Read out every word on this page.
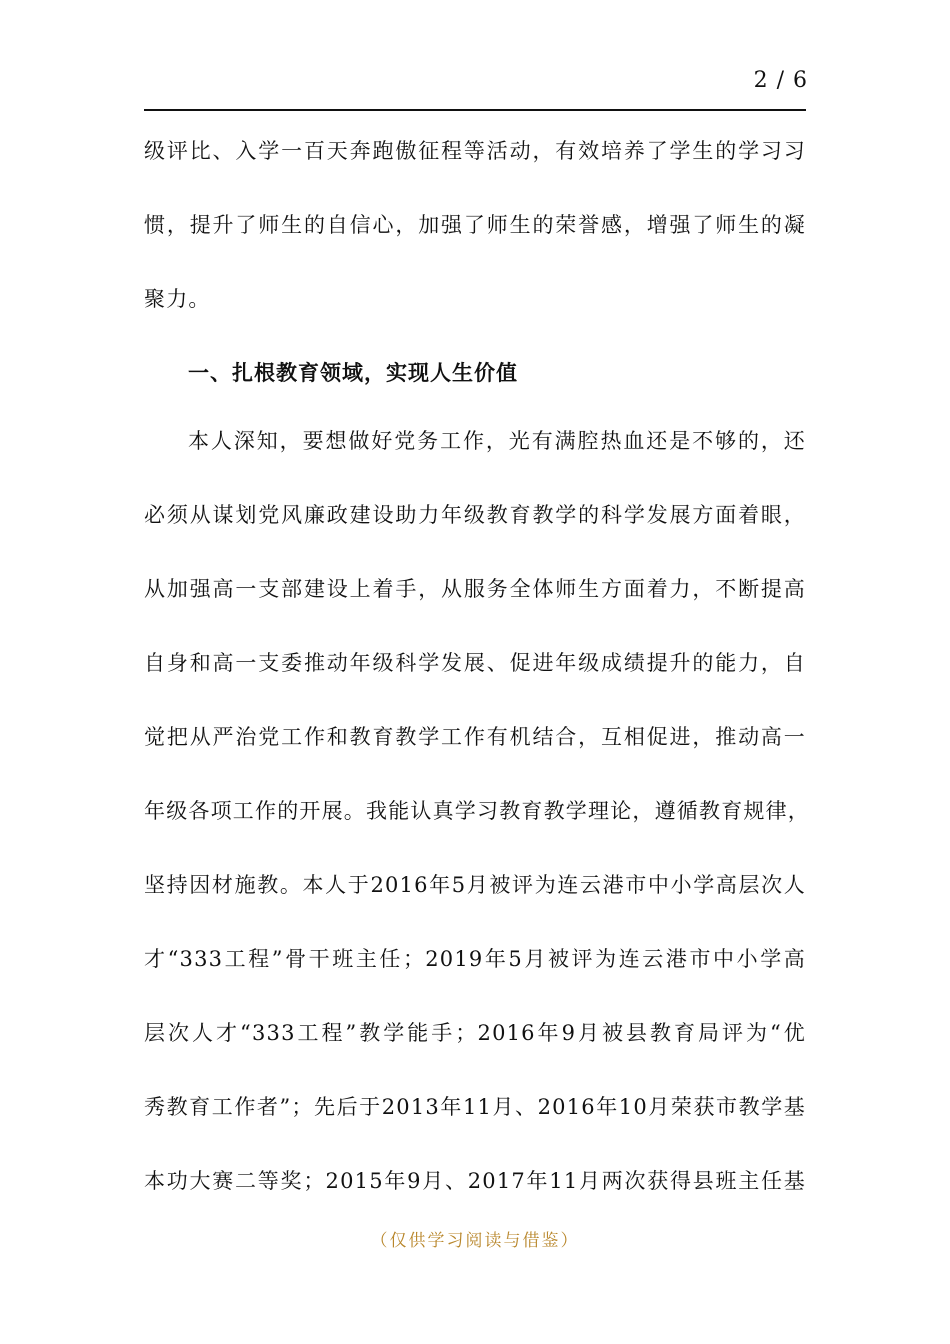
2 / 6
级评比、入学一百天奔跑傲征程等活动，有效培养了学生的学习习
惯，提升了师生的自信心，加强了师生的荣誉感，增强了师生的凝
聚力。
一、扎根教育领域，实现人生价值
本人深知，要想做好党务工作，光有满腔热血还是不够的，还
必须从谋划党风廉政建设助力年级教育教学的科学发展方面着眼，
从加强高一支部建设上着手，从服务全体师生方面着力，不断提高
自身和高一支委推动年级科学发展、促进年级成绩提升的能力，自
觉把从严治党工作和教育教学工作有机结合，互相促进，推动高一
年级各项工作的开展。我能认真学习教育教学理论，遵循教育规律，
坚持因材施教。本人于2016年5月被评为连云港市中小学高层次人
才“333工程”骨干班主任；2019年5月被评为连云港市中小学高
层次人才“333工程”教学能手；2016年9月被县教育局评为“优
秀教育工作者”；先后于2013年11月、2016年10月荣获市教学基
本功大赛二等奖；2015年9月、2017年11月两次获得县班主任基
（仅供学习阅读与借鉴）
